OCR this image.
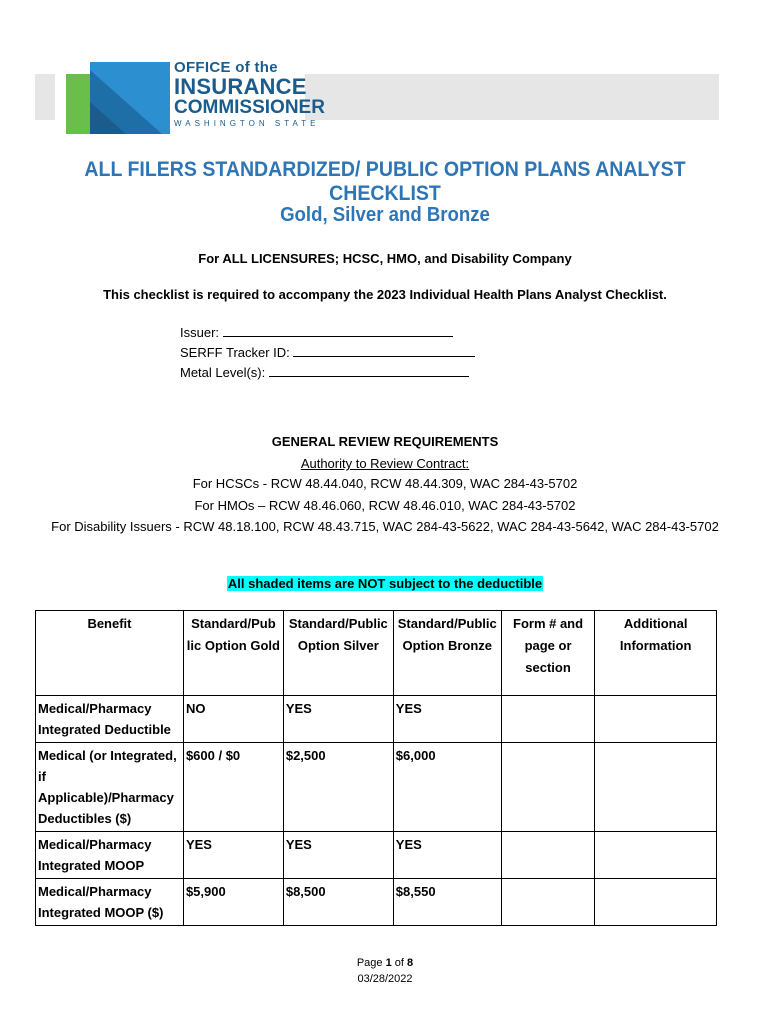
OFFICE of the
INSURANCE
COMMISSIONER
WASHINGTON STATE
ALL FILERS STANDARDIZED/ PUBLIC OPTION PLANS ANALYST CHECKLIST
Gold, Silver and Bronze
For ALL LICENSURES; HCSC, HMO, and Disability Company
This checklist is required to accompany the 2023 Individual Health Plans Analyst Checklist.
Issuer:
SERFF Tracker ID:
Metal Level(s):
GENERAL REVIEW REQUIREMENTS
Authority to Review Contract:
For HCSCs - RCW 48.44.040, RCW 48.44.309, WAC 284-43-5702
For HMOs – RCW 48.46.060, RCW 48.46.010, WAC 284-43-5702
For Disability Issuers - RCW 48.18.100, RCW 48.43.715, WAC 284-43-5622, WAC 284-43-5642, WAC 284-43-5702
All shaded items are NOT subject to the deductible
Benefit	Standard/Pub lic Option Gold	Standard/Public Option Silver	Standard/Public Option Bronze	Form # and page or section	Additional Information
Medical/Pharmacy Integrated Deductible	NO	YES	YES		
Medical (or Integrated, if Applicable)/Pharmacy Deductibles ($)	$600 / $0	$2,500	$6,000		
Medical/Pharmacy Integrated MOOP	YES	YES	YES		
Medical/Pharmacy Integrated MOOP ($)	$5,900	$8,500	$8,550		
Page 1 of 8
03/28/2022
